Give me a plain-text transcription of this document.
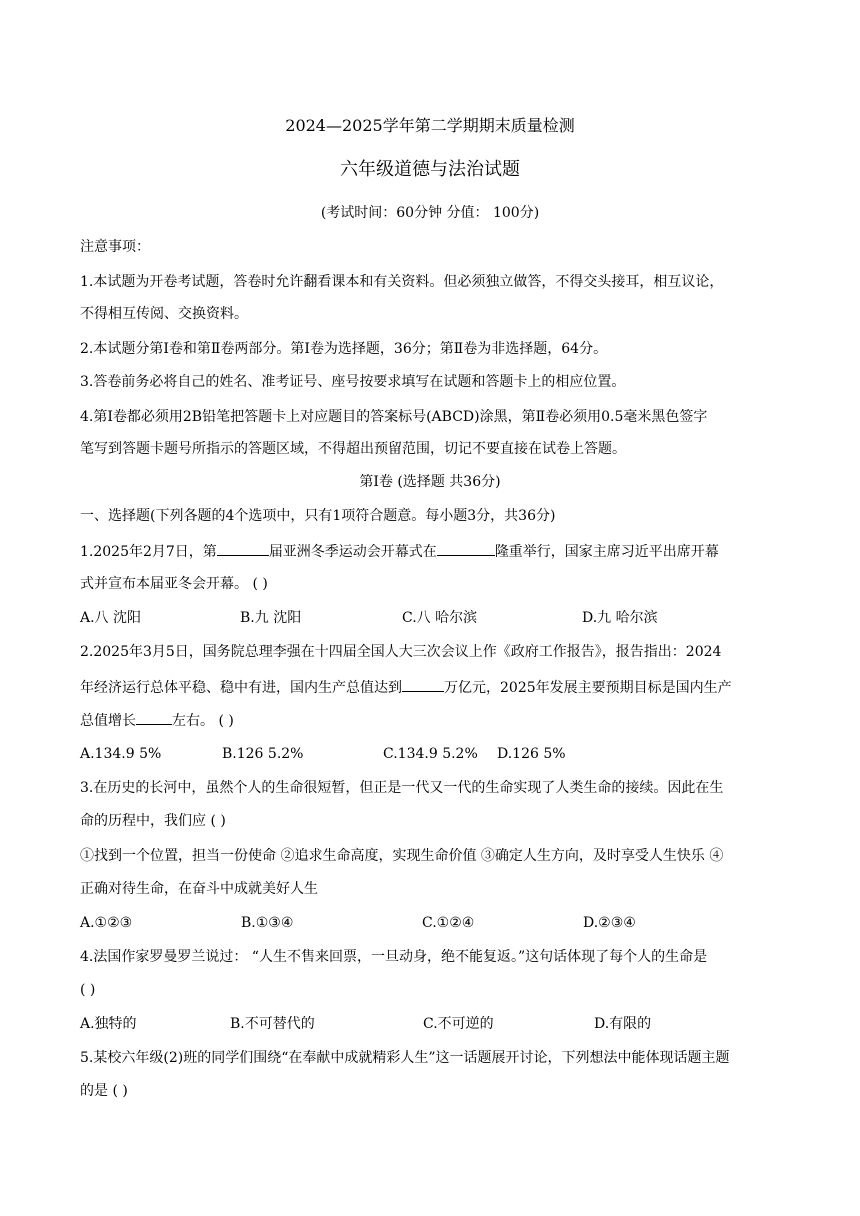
2024—2025学年第二学期期末质量检测
六年级道德与法治试题
(考试时间：60分钟 分值： 100分)
注意事项：
1.本试题为开卷考试题，答卷时允许翻看课本和有关资料。但必须独立做答，不得交头接耳，相互议论，
不得相互传阅、交换资料。
2.本试题分第Ⅰ卷和第Ⅱ卷两部分。第Ⅰ卷为选择题，36分；第Ⅱ卷为非选择题，64分。
3.答卷前务必将自己的姓名、准考证号、座号按要求填写在试题和答题卡上的相应位置。
4.第Ⅰ卷都必须用2B铅笔把答题卡上对应题目的答案标号(ABCD)涂黑，第Ⅱ卷必须用0.5毫米黑色签字
笔写到答题卡题号所指示的答题区域，不得超出预留范围，切记不要直接在试卷上答题。
第Ⅰ卷 (选择题 共36分)
一、选择题(下列各题的4个选项中，只有1项符合题意。每小题3分，共36分)
1.2025年2月7日，第	届亚洲冬季运动会开幕式在	隆重举行，国家主席习近平出席开幕
式并宣布本届亚冬会开幕。 ( )
A.八 沈阳	B.九 沈阳	C.八 哈尔滨	D.九 哈尔滨
2.2025年3月5日，国务院总理李强在十四届全国人大三次会议上作《政府工作报告》，报告指出：2024
年经济运行总体平稳、稳中有进，国内生产总值达到	万亿元，2025年发展主要预期目标是国内生产
总值增长	左右。 ( )
A.134.9 5%	B.126 5.2%	C.134.9 5.2% D.126 5%
3.在历史的长河中，虽然个人的生命很短暂，但正是一代又一代的生命实现了人类生命的接续。因此在生
命的历程中，我们应 ( )
①找到一个位置，担当一份使命 ②追求生命高度，实现生命价值 ③确定人生方向，及时享受人生快乐 ④
正确对待生命，在奋斗中成就美好人生
A.①②③	B.①③④	C.①②④	D.②③④
4.法国作家罗曼罗兰说过： “人生不售来回票，一旦动身，绝不能复返。”这句话体现了每个人的生命是
( )
A.独特的	B.不可替代的	C.不可逆的	D.有限的
5.某校六年级(2)班的同学们围绕“在奉献中成就精彩人生”这一话题展开讨论，下列想法中能体现话题主题
的是 ( )
